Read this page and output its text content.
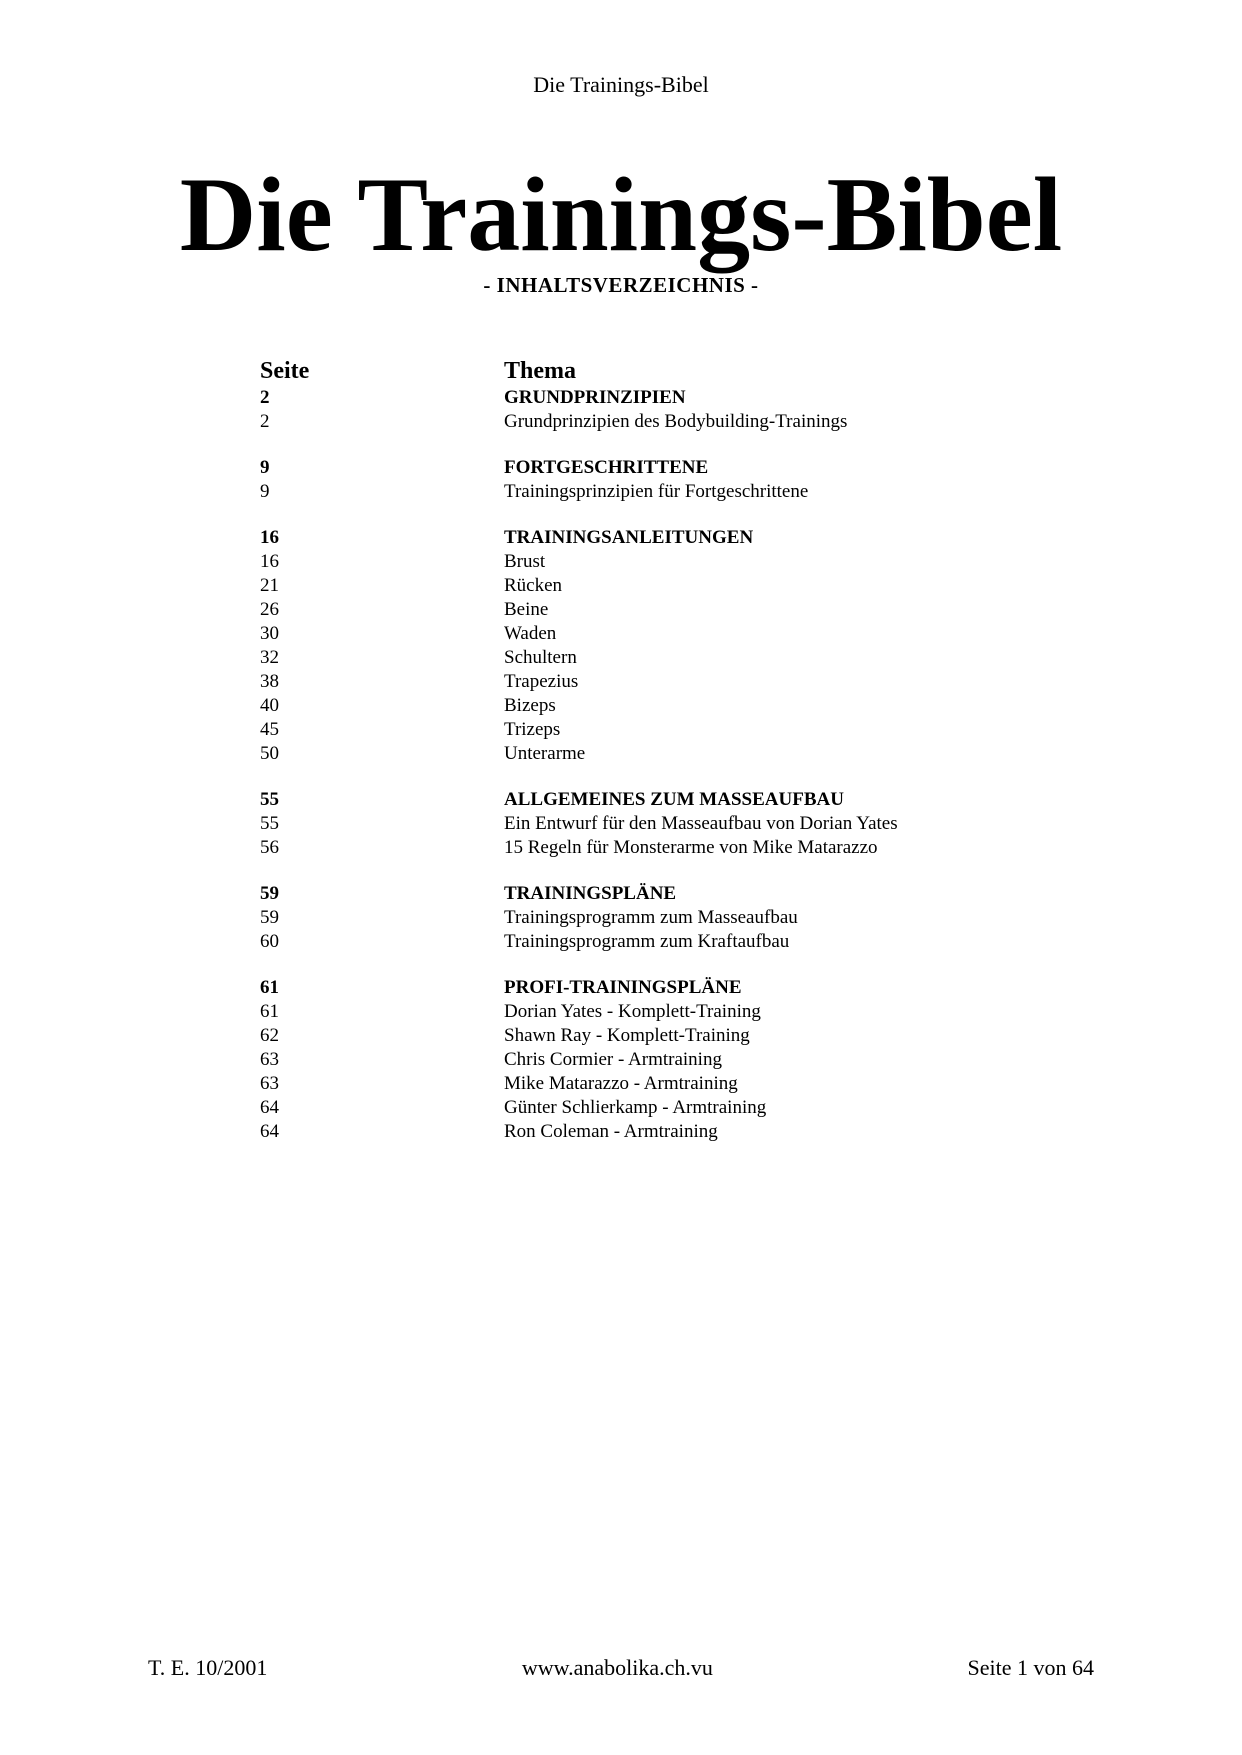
Die Trainings-Bibel
Die Trainings-Bibel
- INHALTSVERZEICHNIS -
Seite	Thema
2	GRUNDPRINZIPIEN
2	Grundprinzipien des Bodybuilding-Trainings
9	FORTGESCHRITTENE
9	Trainingsprinzipien für Fortgeschrittene
16	TRAININGSANLEITUNGEN
16	Brust
21	Rücken
26	Beine
30	Waden
32	Schultern
38	Trapezius
40	Bizeps
45	Trizeps
50	Unterarme
55	ALLGEMEINES ZUM MASSEAUFBAU
55	Ein Entwurf für den Masseaufbau von Dorian Yates
56	15 Regeln für Monsterarme von Mike Matarazzo
59	TRAININGSPLÄNE
59	Trainingsprogramm zum Masseaufbau
60	Trainingsprogramm zum Kraftaufbau
61	PROFI-TRAININGSPLÄNE
61	Dorian Yates - Komplett-Training
62	Shawn Ray - Komplett-Training
63	Chris Cormier - Armtraining
63	Mike Matarazzo - Armtraining
64	Günter Schlierkamp - Armtraining
64	Ron Coleman - Armtraining
T. E. 10/2001	www.anabolika.ch.vu	Seite 1 von 64
